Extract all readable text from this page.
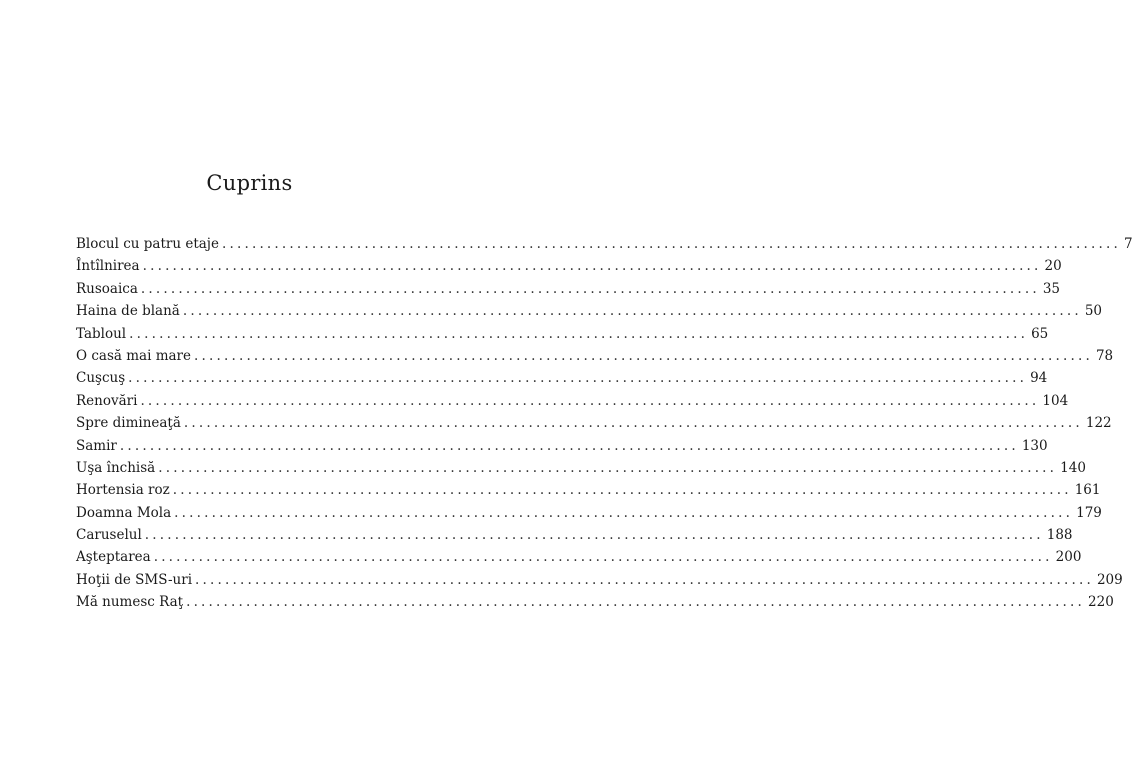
Cuprins
Blocul cu patru etaje ........................................................................................................................ 7
Întîlnirea ........................................................................................................................ 20
Rusoaica ........................................................................................................................ 35
Haina de blană ........................................................................................................................ 50
Tabloul ........................................................................................................................ 65
O casă mai mare ........................................................................................................................ 78
Cuşcuş ........................................................................................................................ 94
Renovări ........................................................................................................................ 104
Spre dimineaţă ........................................................................................................................ 122
Samir ........................................................................................................................ 130
Uşa închisă ........................................................................................................................ 140
Hortensia roz ........................................................................................................................ 161
Doamna Mola ........................................................................................................................ 179
Caruselul ........................................................................................................................ 188
Aşteptarea ........................................................................................................................ 200
Hoţii de SMS-uri ........................................................................................................................ 209
Mă numesc Raţ ........................................................................................................................ 220
